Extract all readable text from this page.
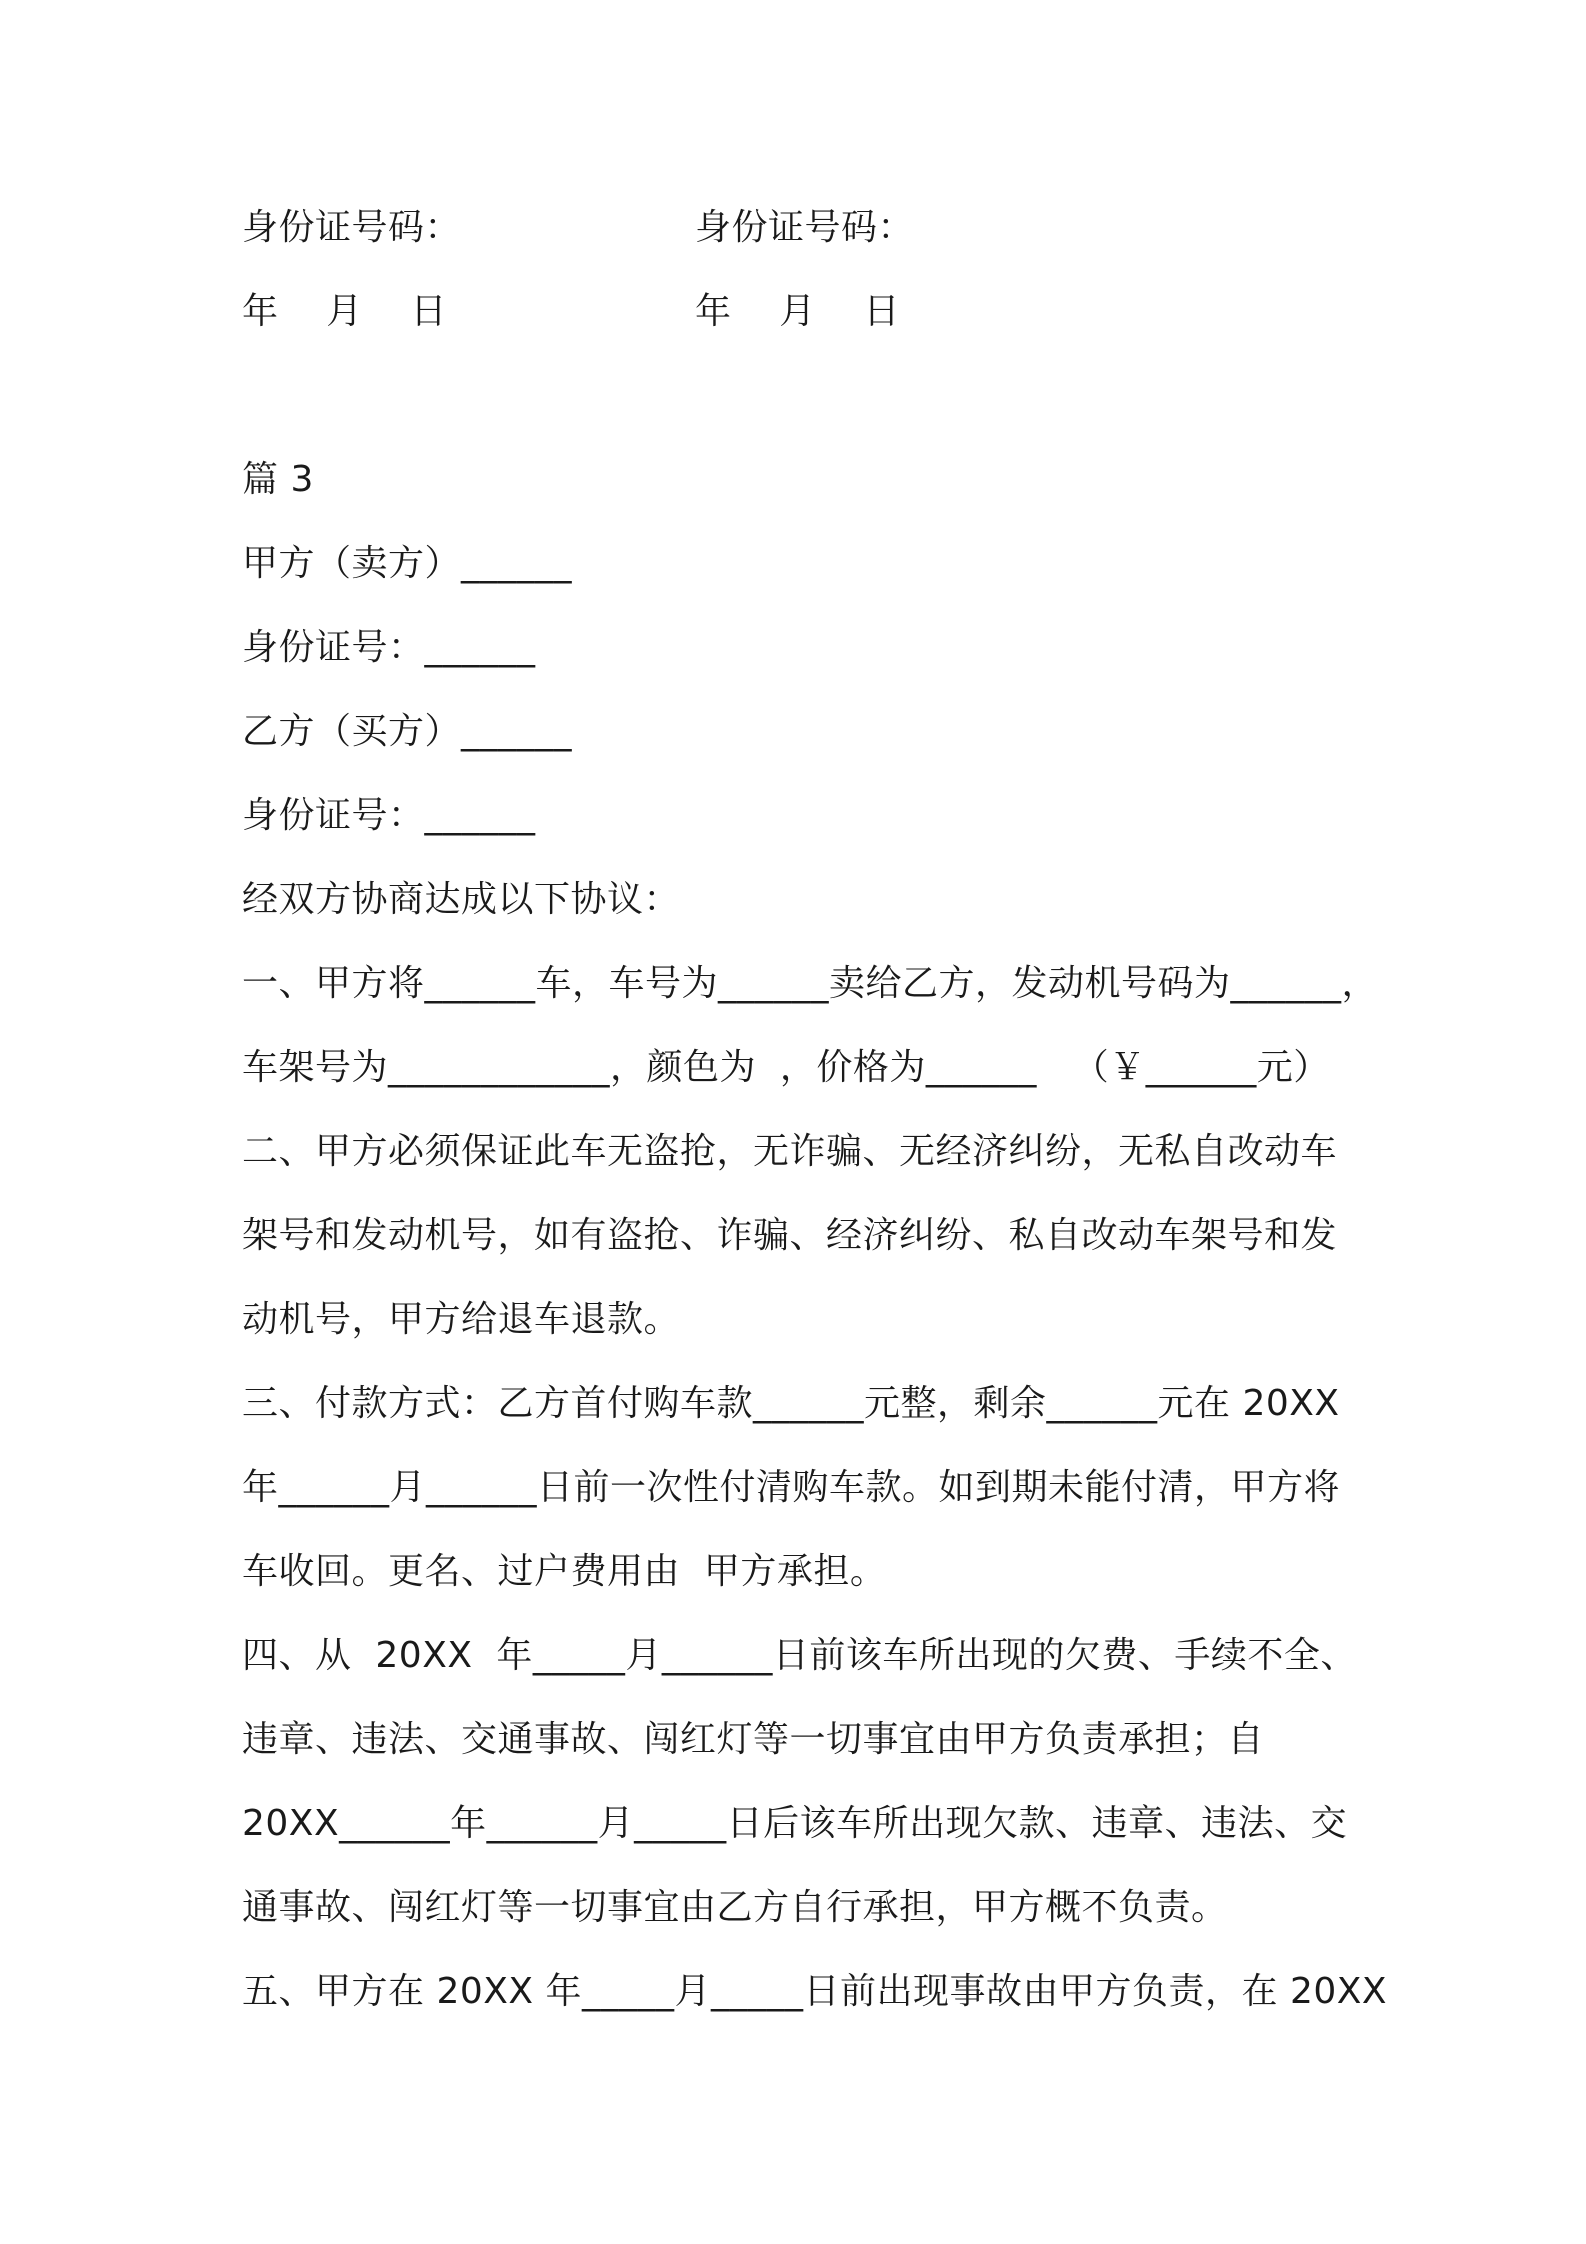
身份证号码：	身份证号码：
年    月    日	年    月    日
篇 3
甲方（卖方）______
身份证号：______
乙方（买方）______
身份证号：______
经双方协商达成以下协议：
一、甲方将______车，车号为______卖给乙方，发动机号码为______，
车架号为____________，颜色为  ，价格为______   （￥______元）
二、甲方必须保证此车无盗抢，无诈骗、无经济纠纷，无私自改动车
架号和发动机号，如有盗抢、诈骗、经济纠纷、私自改动车架号和发
动机号，甲方给退车退款。
三、付款方式：乙方首付购车款______元整，剩余______元在 20XX
年______月______日前一次性付清购车款。如到期未能付清，甲方将
车收回。更名、过户费用由  甲方承担。
四、从  20XX  年_____月______日前该车所出现的欠费、手续不全、
违章、违法、交通事故、闯红灯等一切事宜由甲方负责承担；自
20XX______年______月_____日后该车所出现欠款、违章、违法、交
通事故、闯红灯等一切事宜由乙方自行承担，甲方概不负责。
五、甲方在 20XX 年_____月_____日前出现事故由甲方负责，在 20XX
